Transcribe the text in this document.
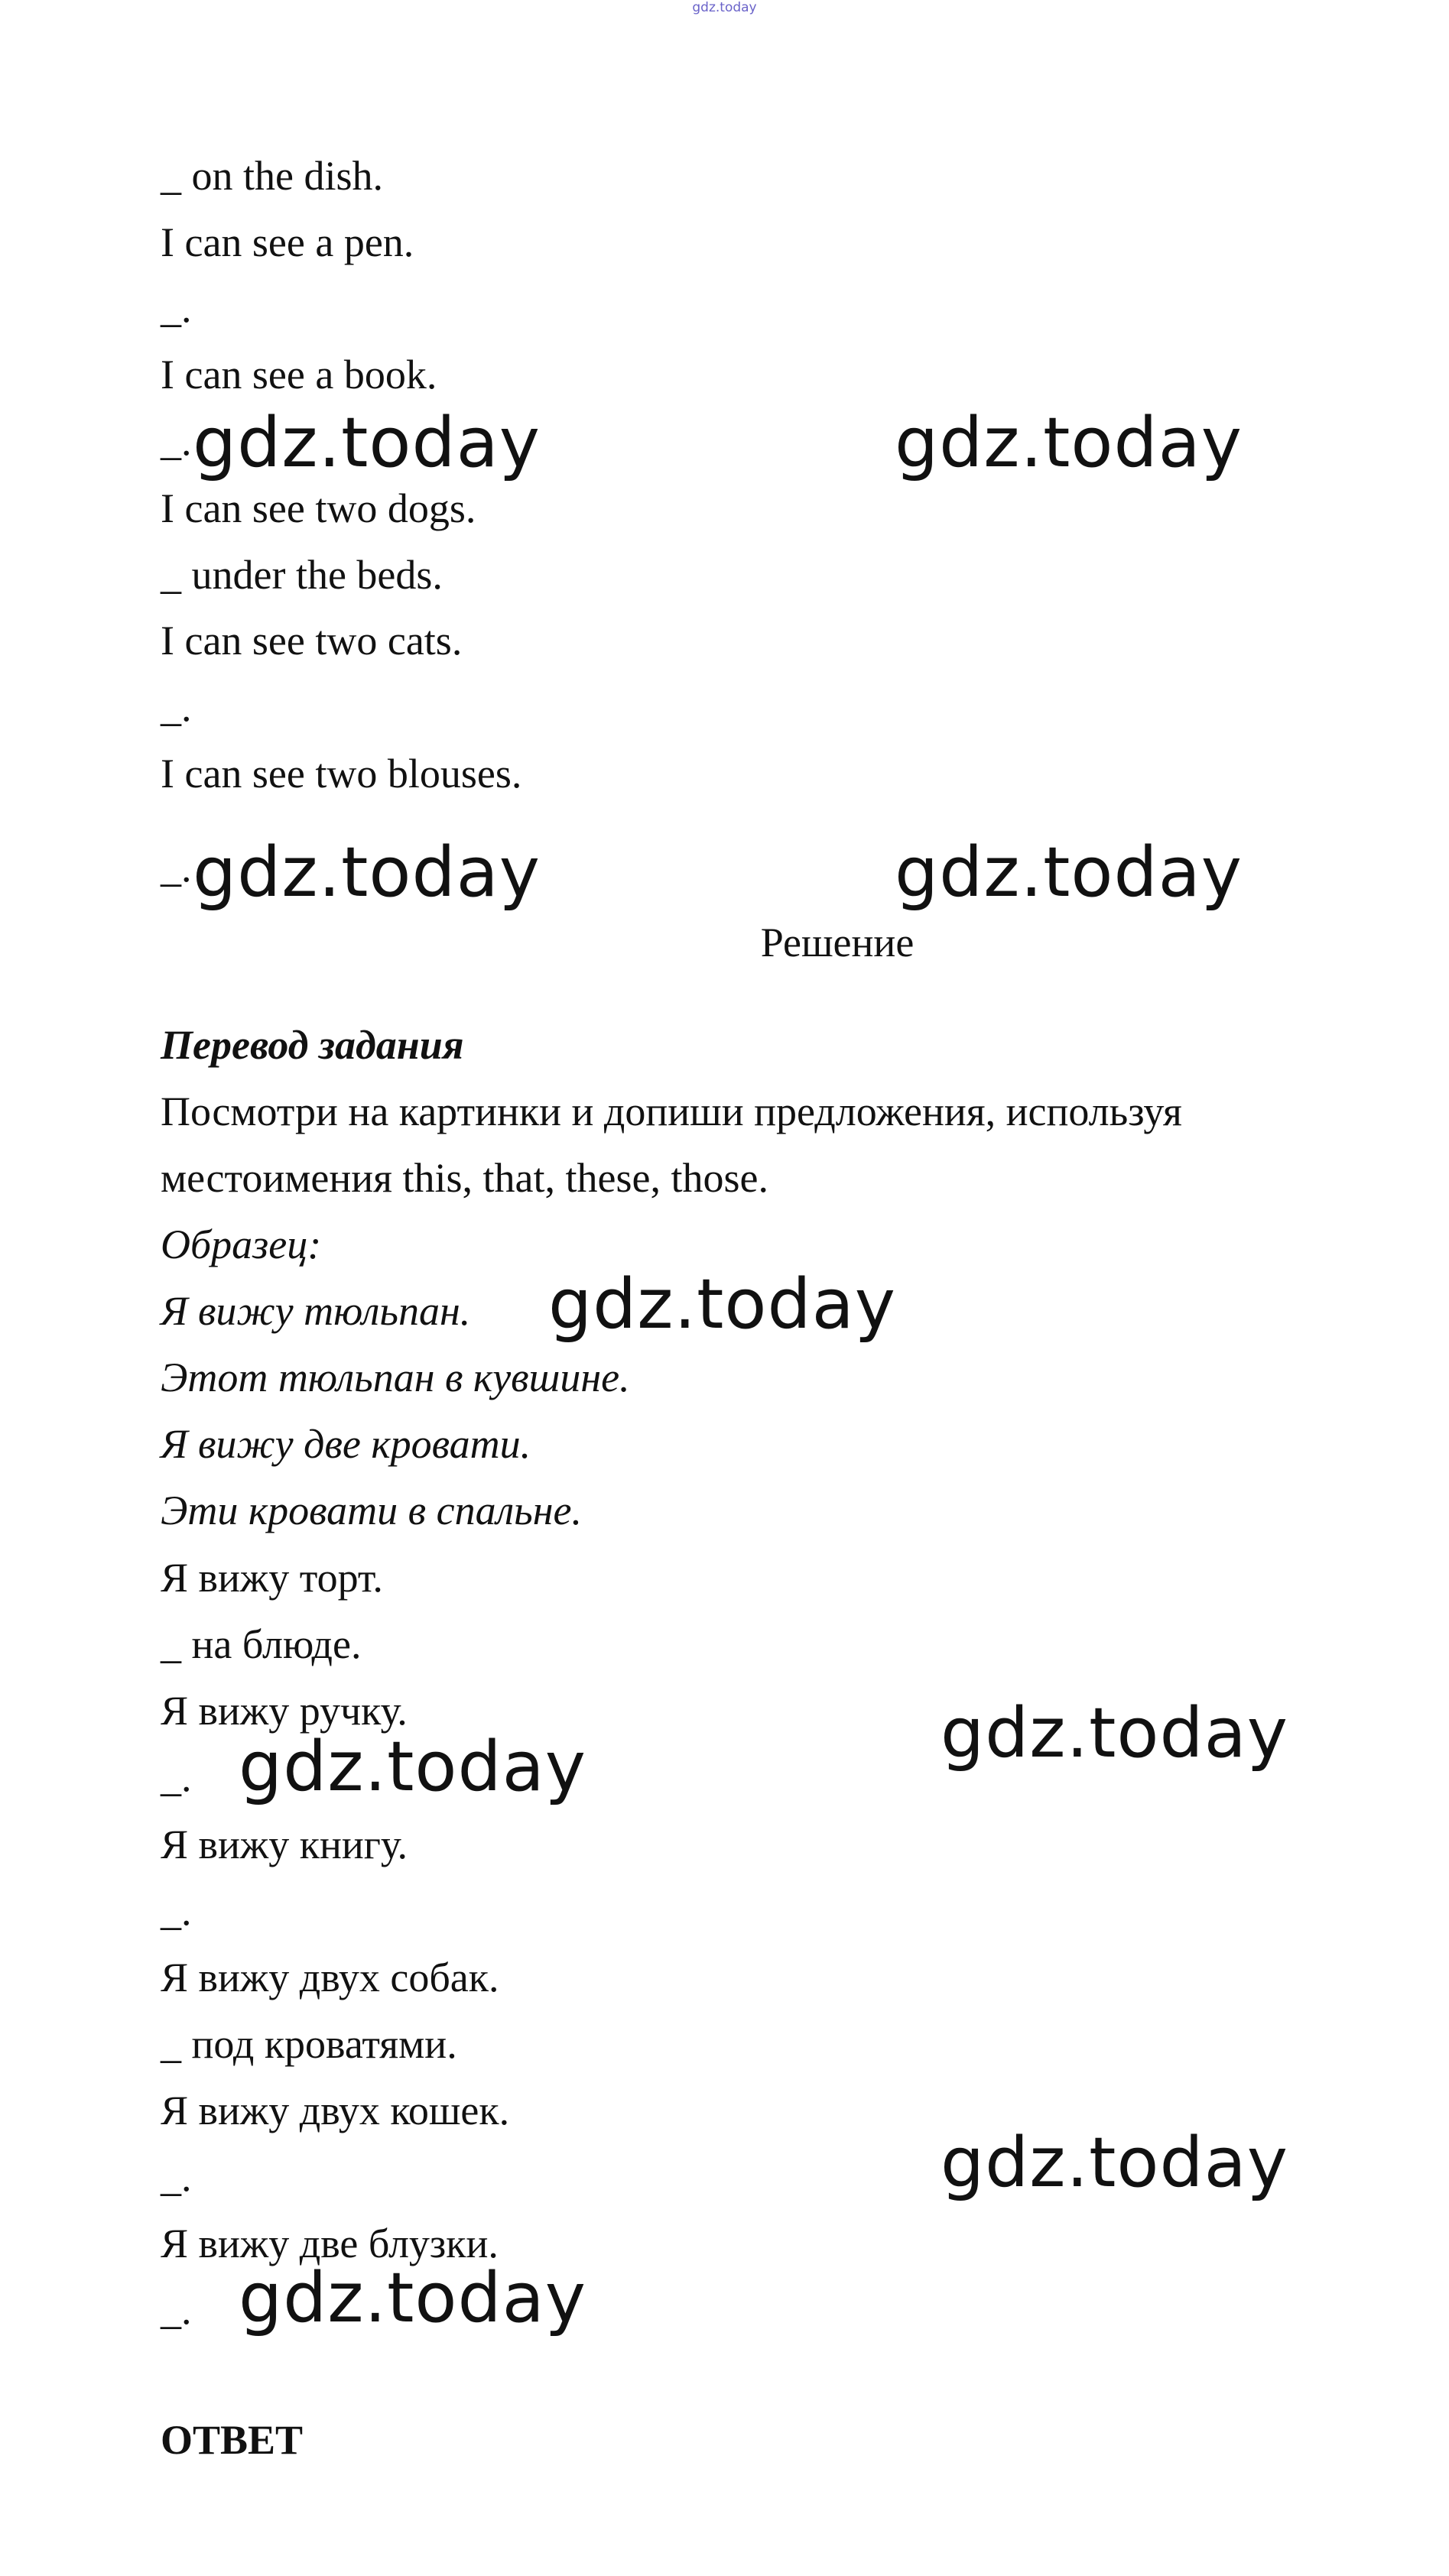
gdz.today
_ on the dish.
I can see a pen.
_.
I can see a book.
_.
I can see two dogs.
_ under the beds.
I can see two cats.
_.
I can see two blouses.
_.
Решение
Перевод задания
Посмотри на картинки и допиши предложения, используя
местоимения this, that, these, those.
Образец:
Я вижу тюльпан.
Этот тюльпан в кувшине.
Я вижу две кровати.
Эти кровати в спальне.
Я вижу торт.
_ на блюде.
Я вижу ручку.
_.
Я вижу книгу.
_.
Я вижу двух собак.
_ под кроватями.
Я вижу двух кошек.
_.
Я вижу две блузки.
_.
ОТВЕТ
gdz.today	gdz.today
gdz.today	gdz.today
gdz.today
gdz.today
gdz.today
gdz.today
gdz.today
